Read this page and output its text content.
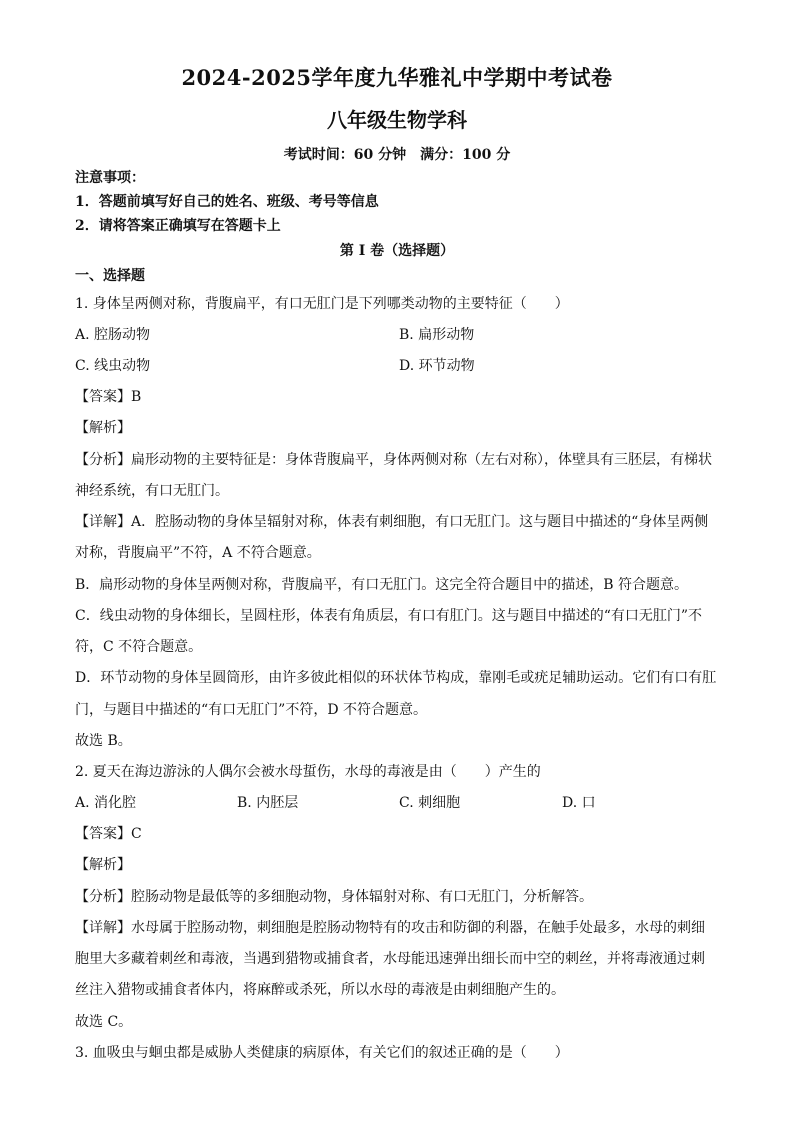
2024-2025学年度九华雅礼中学期中考试卷
八年级生物学科
考试时间：60 分钟　满分：100 分
注意事项：
1．答题前填写好自己的姓名、班级、考号等信息
2．请将答案正确填写在答题卡上
第 I 卷（选择题）
一、选择题
1. 身体呈两侧对称，背腹扁平，有口无肛门是下列哪类动物的主要特征（　　）
A. 腔肠动物	B. 扁形动物
C. 线虫动物	D. 环节动物
【答案】B
【解析】
【分析】扁形动物的主要特征是：身体背腹扁平，身体两侧对称（左右对称），体壁具有三胚层，有梯状
神经系统，有口无肛门。
【详解】A．腔肠动物的身体呈辐射对称，体表有刺细胞，有口无肛门。这与题目中描述的“身体呈两侧
对称，背腹扁平”不符，A 不符合题意。
B．扁形动物的身体呈两侧对称，背腹扁平，有口无肛门。这完全符合题目中的描述，B 符合题意。
C．线虫动物的身体细长，呈圆柱形，体表有角质层，有口有肛门。这与题目中描述的“有口无肛门”不
符，C 不符合题意。
D．环节动物的身体呈圆筒形，由许多彼此相似的环状体节构成，靠刚毛或疣足辅助运动。它们有口有肛
门，与题目中描述的“有口无肛门”不符，D 不符合题意。
故选 B。
2. 夏天在海边游泳的人偶尔会被水母蜇伤，水母的毒液是由（　　）产生的
A. 消化腔	B. 内胚层	C. 刺细胞	D. 口
【答案】C
【解析】
【分析】腔肠动物是最低等的多细胞动物，身体辐射对称、有口无肛门，分析解答。
【详解】水母属于腔肠动物，刺细胞是腔肠动物特有的攻击和防御的利器，在触手处最多，水母的刺细
胞里大多藏着刺丝和毒液，当遇到猎物或捕食者，水母能迅速弹出细长而中空的刺丝，并将毒液通过刺
丝注入猎物或捕食者体内，将麻醉或杀死，所以水母的毒液是由刺细胞产生的。
故选 C。
3. 血吸虫与蛔虫都是威胁人类健康的病原体，有关它们的叙述正确的是（　　）
